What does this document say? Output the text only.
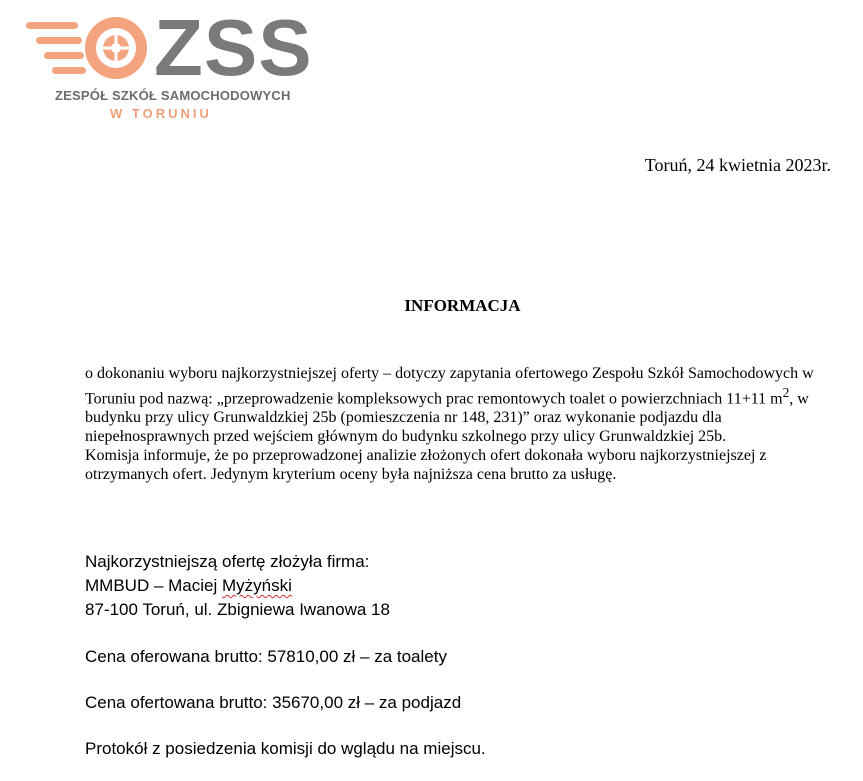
ZSS
ZESPÓŁ SZKÓŁ SAMOCHODOWYCH
W TORUNIU
Toruń, 24 kwietnia 2023r.
INFORMACJA

o dokonaniu wyboru najkorzystniejszej oferty – dotyczy zapytania ofertowego Zespołu Szkół Samochodowych w Toruniu pod nazwą: „przeprowadzenie kompleksowych prac remontowych toalet o powierzchniach 11+11 $m^2$, w budynku przy ulicy Grunwaldzkiej 25b (pomieszczenia nr 148, 231)” oraz wykonanie podjazdu dla niepełnosprawnych przed wejściem głównym do budynku szkolnego przy ulicy Grunwaldzkiej 25b.

Komisja informuje, że po przeprowadzonej analizie złożonych ofert dokonała wyboru najkorzystniejszej z otrzymanych ofert. Jedynym kryterium oceny była najniższa cena brutto za usługę.

Najkorzystniejszą ofertę złożyła firma:
MMBUD – Maciej Myżyński
87-100 Toruń, ul. Zbigniewa Iwanowa 18
Cena oferowana brutto: 57810,00 zł – za toalety
Cena ofertowana brutto: 35670,00 zł – za podjazd
Protokół z posiedzenia komisji do wglądu na miejscu.
